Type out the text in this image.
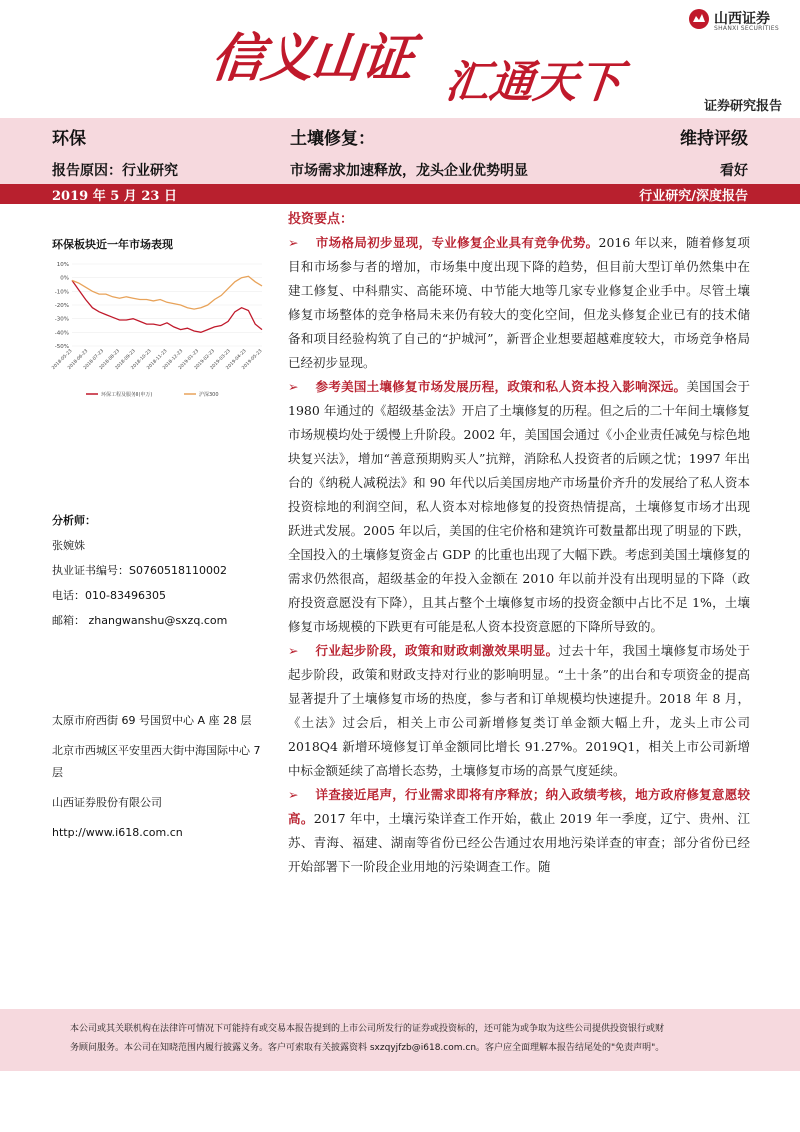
信义山证 汇通天下
山西证券
SHANXI SECURITIES
证券研究报告
环保
报告原因：行业研究
土壤修复：
市场需求加速释放，龙头企业优势明显
维持评级
看好
2019 年 5 月 23 日	行业研究/深度报告
环保板块近一年市场表现
10%
0%
-10%
-20%
-30%
-40%
-50%
2018-05-23
2018-06-23
2018-07-23
2018-08-23
2018-09-23
2018-10-23
2018-11-23
2018-12-23
2019-01-23
2019-02-23
2019-03-23
2019-04-23
2019-05-23
环保工程及服务Ⅱ(申万)	沪深300
分析师：
张婉姝
执业证书编号：S0760518110002
电话：010-83496305
邮箱： zhangwanshu@sxzq.com
太原市府西街 69 号国贸中心 A 座 28 层
北京市西城区平安里西大街中海国际中心 7 层
山西证券股份有限公司
http://www.i618.com.cn
投资要点：

➢ 市场格局初步显现，专业修复企业具有竞争优势。2016 年以来，随着修复项目和市场参与者的增加，市场集中度出现下降的趋势，但目前大型订单仍然集中在建工修复、中科鼎实、高能环境、中节能大地等几家专业修复企业手中。尽管土壤修复市场整体的竞争格局未来仍有较大的变化空间，但龙头修复企业已有的技术储备和项目经验构筑了自己的“护城河”，新晋企业想要超越难度较大，市场竞争格局已经初步显现。

➢ 参考美国土壤修复市场发展历程，政策和私人资本投入影响深远。美国国会于 1980 年通过的《超级基金法》开启了土壤修复的历程。但之后的二十年间土壤修复市场规模均处于缓慢上升阶段。2002 年，美国国会通过《小企业责任减免与棕色地块复兴法》，增加“善意预期购买人”抗辩，消除私人投资者的后顾之忧；1997 年出台的《纳税人减税法》和 90 年代以后美国房地产市场量价齐升的发展给了私人资本投资棕地的利润空间，私人资本对棕地修复的投资热情提高，土壤修复市场才出现跃进式发展。2005 年以后，美国的住宅价格和建筑许可数量都出现了明显的下跌，全国投入的土壤修复资金占 GDP 的比重也出现了大幅下跌。考虑到美国土壤修复的需求仍然很高，超级基金的年投入金额在 2010 年以前并没有出现明显的下降（政府投资意愿没有下降），且其占整个土壤修复市场的投资金额中占比不足 1%，土壤修复市场规模的下跌更有可能是私人资本投资意愿的下降所导致的。

➢ 行业起步阶段，政策和财政刺激效果明显。过去十年，我国土壤修复市场处于起步阶段，政策和财政支持对行业的影响明显。“土十条”的出台和专项资金的提高显著提升了土壤修复市场的热度，参与者和订单规模均快速提升。2018 年 8 月，《土法》过会后，相关上市公司新增修复类订单金额大幅上升，龙头上市公司 2018Q4 新增环境修复订单金额同比增长 91.27%。2019Q1，相关上市公司新增中标金额延续了高增长态势，土壤修复市场的高景气度延续。

➢ 详查接近尾声，行业需求即将有序释放；纳入政绩考核，地方政府修复意愿较高。2017 年中，土壤污染详查工作开始，截止 2019 年一季度，辽宁、贵州、江苏、青海、福建、湖南等省份已经公告通过农用地污染详查的审查；部分省份已经开始部署下一阶段企业用地的污染调查工作。随

本公司或其关联机构在法律许可情况下可能持有或交易本报告提到的上市公司所发行的证券或投资标的，还可能为或争取为这些公司提供投资银行或财
务顾问服务。本公司在知晓范围内履行披露义务。客户可索取有关披露资料 sxzqyjfzb@i618.com.cn。客户应全面理解本报告结尾处的"免责声明"。
